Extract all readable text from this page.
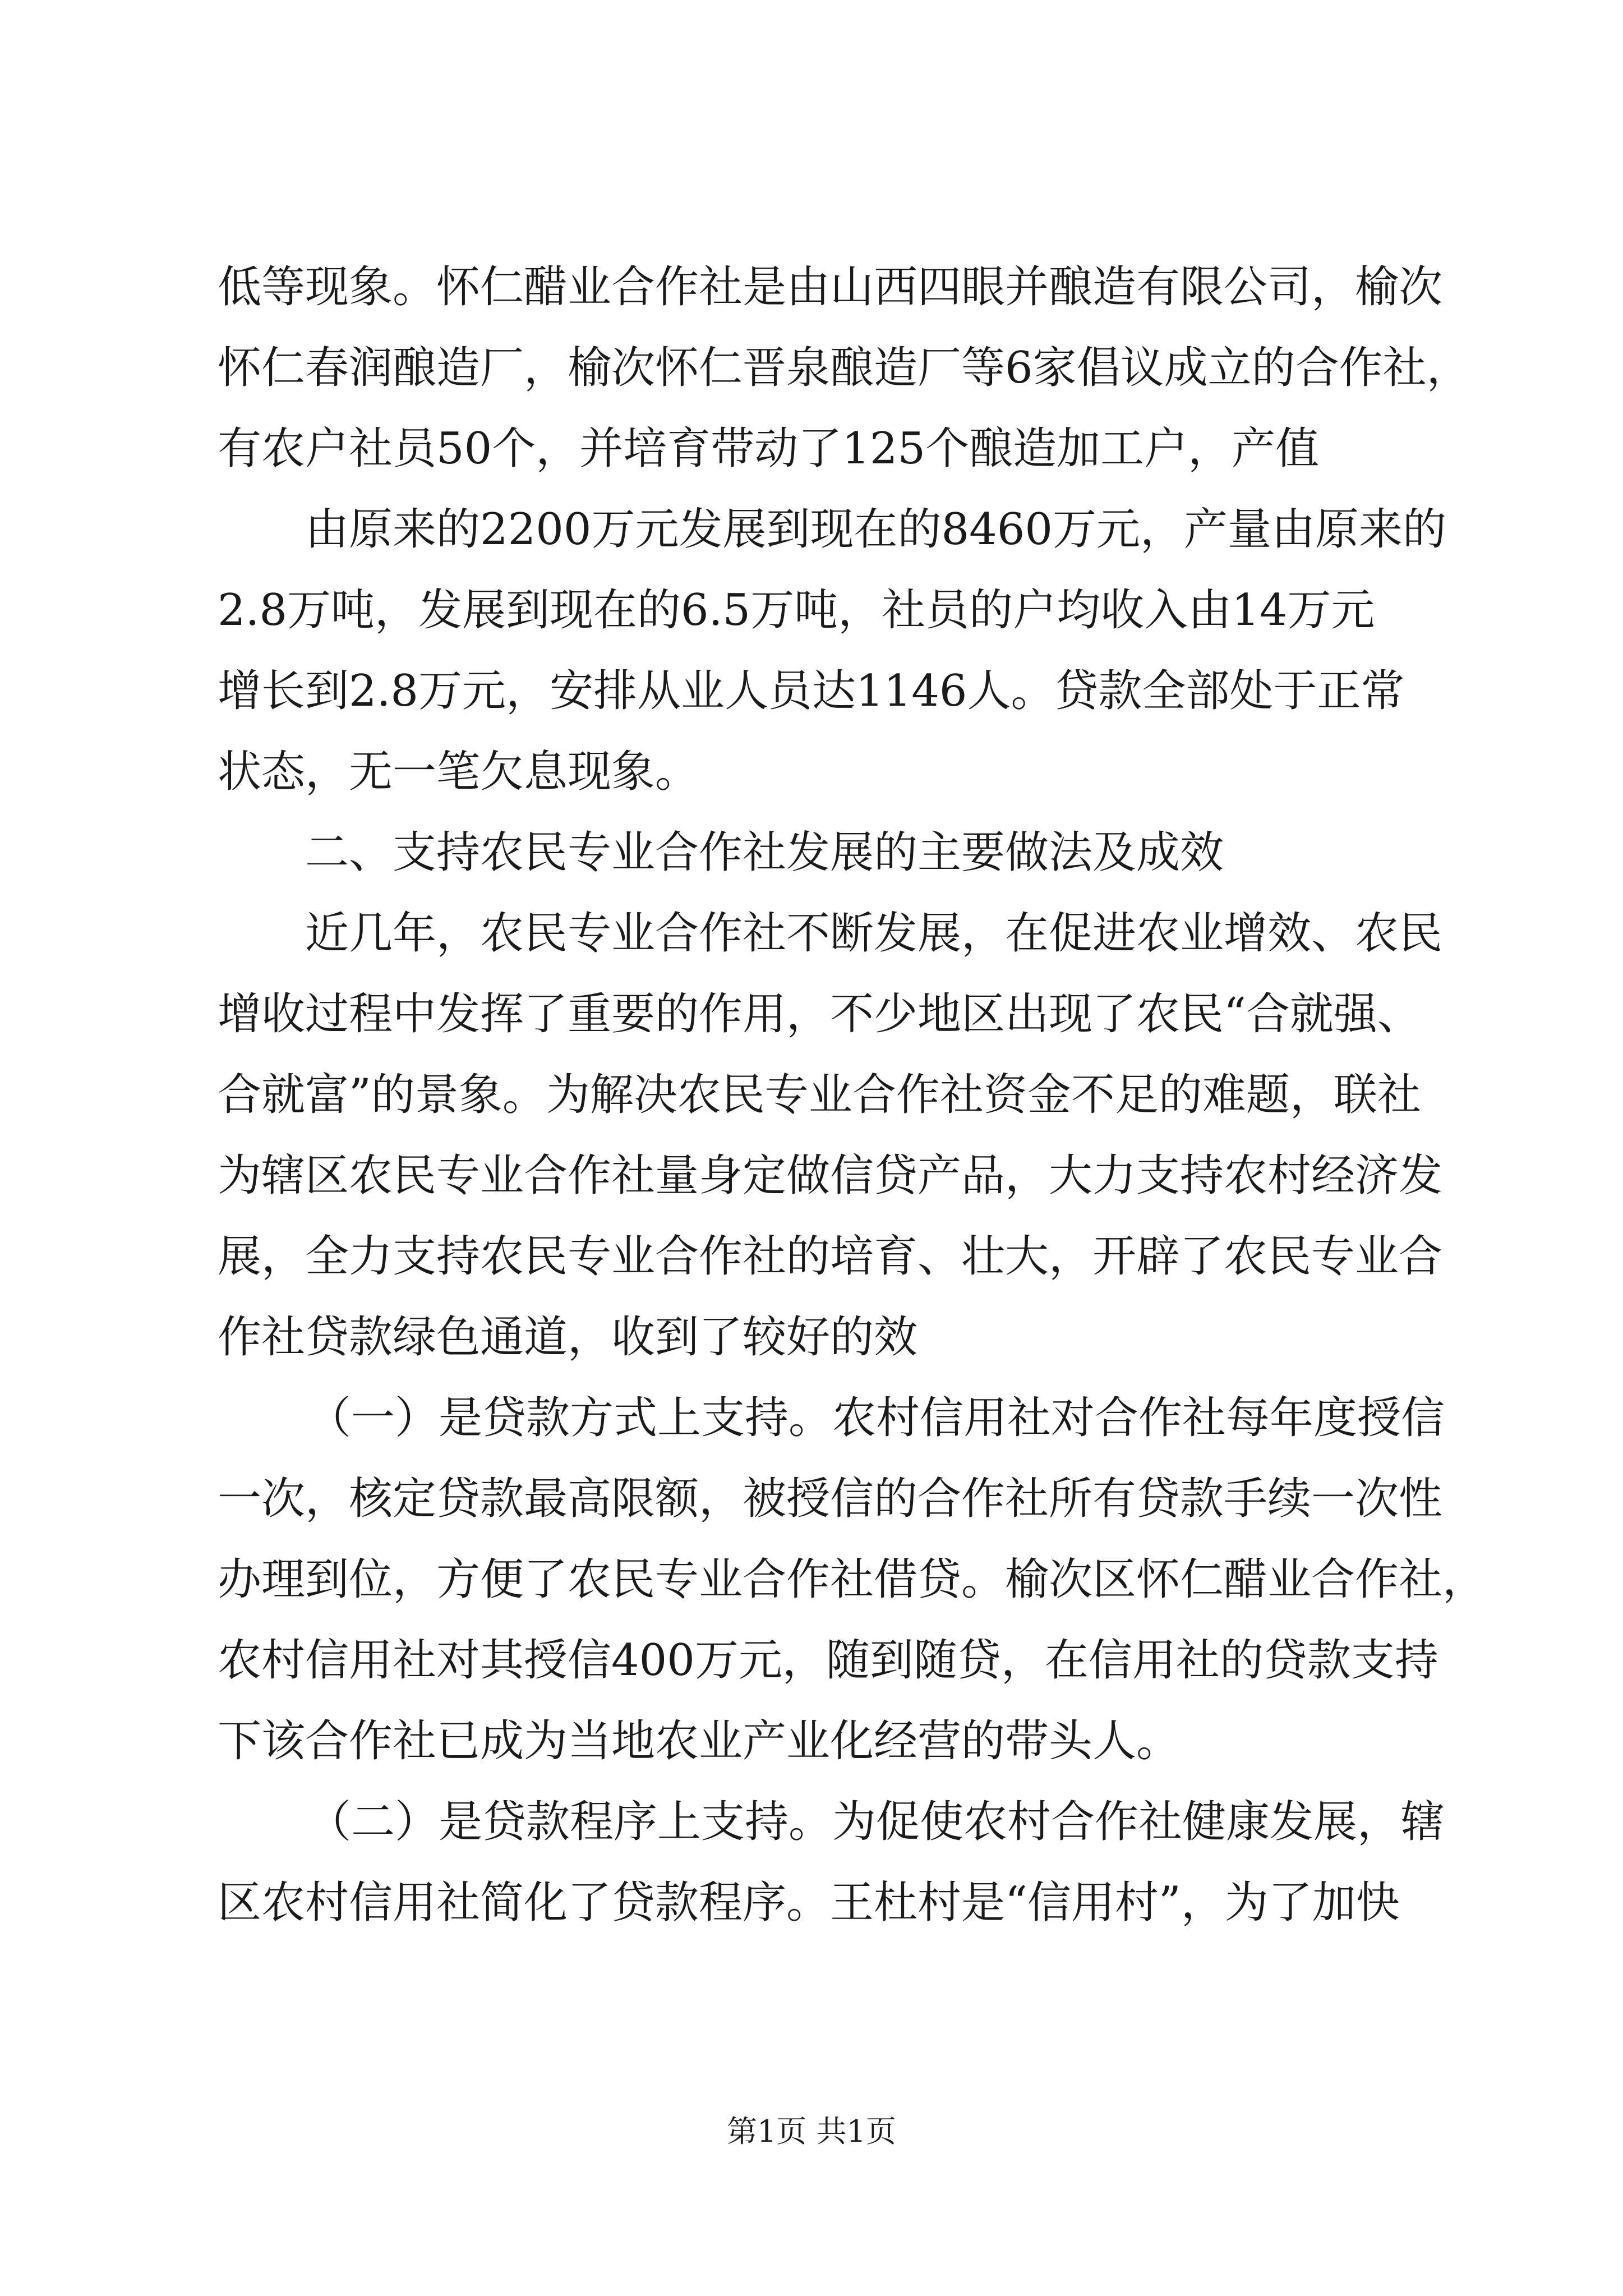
低等现象。怀仁醋业合作社是由山西四眼并酿造有限公司，榆次
怀仁春润酿造厂，榆次怀仁晋泉酿造厂等6家倡议成立的合作社，
有农户社员50个，并培育带动了125个酿造加工户，产值
由原来的2200万元发展到现在的8460万元，产量由原来的
2.8万吨，发展到现在的6.5万吨，社员的户均收入由14万元
增长到2.8万元，安排从业人员达1146人。贷款全部处于正常
状态，无一笔欠息现象。
二、支持农民专业合作社发展的主要做法及成效
近几年，农民专业合作社不断发展，在促进农业增效、农民
增收过程中发挥了重要的作用，不少地区出现了农民“合就强、
合就富”的景象。为解决农民专业合作社资金不足的难题，联社
为辖区农民专业合作社量身定做信贷产品，大力支持农村经济发
展，全力支持农民专业合作社的培育、壮大，开辟了农民专业合
作社贷款绿色通道，收到了较好的效
（一）是贷款方式上支持。农村信用社对合作社每年度授信
一次，核定贷款最高限额，被授信的合作社所有贷款手续一次性
办理到位，方便了农民专业合作社借贷。榆次区怀仁醋业合作社，
农村信用社对其授信400万元，随到随贷，在信用社的贷款支持
下该合作社已成为当地农业产业化经营的带头人。
（二）是贷款程序上支持。为促使农村合作社健康发展，辖
区农村信用社简化了贷款程序。王杜村是“信用村”，为了加快
第1页 共1页
